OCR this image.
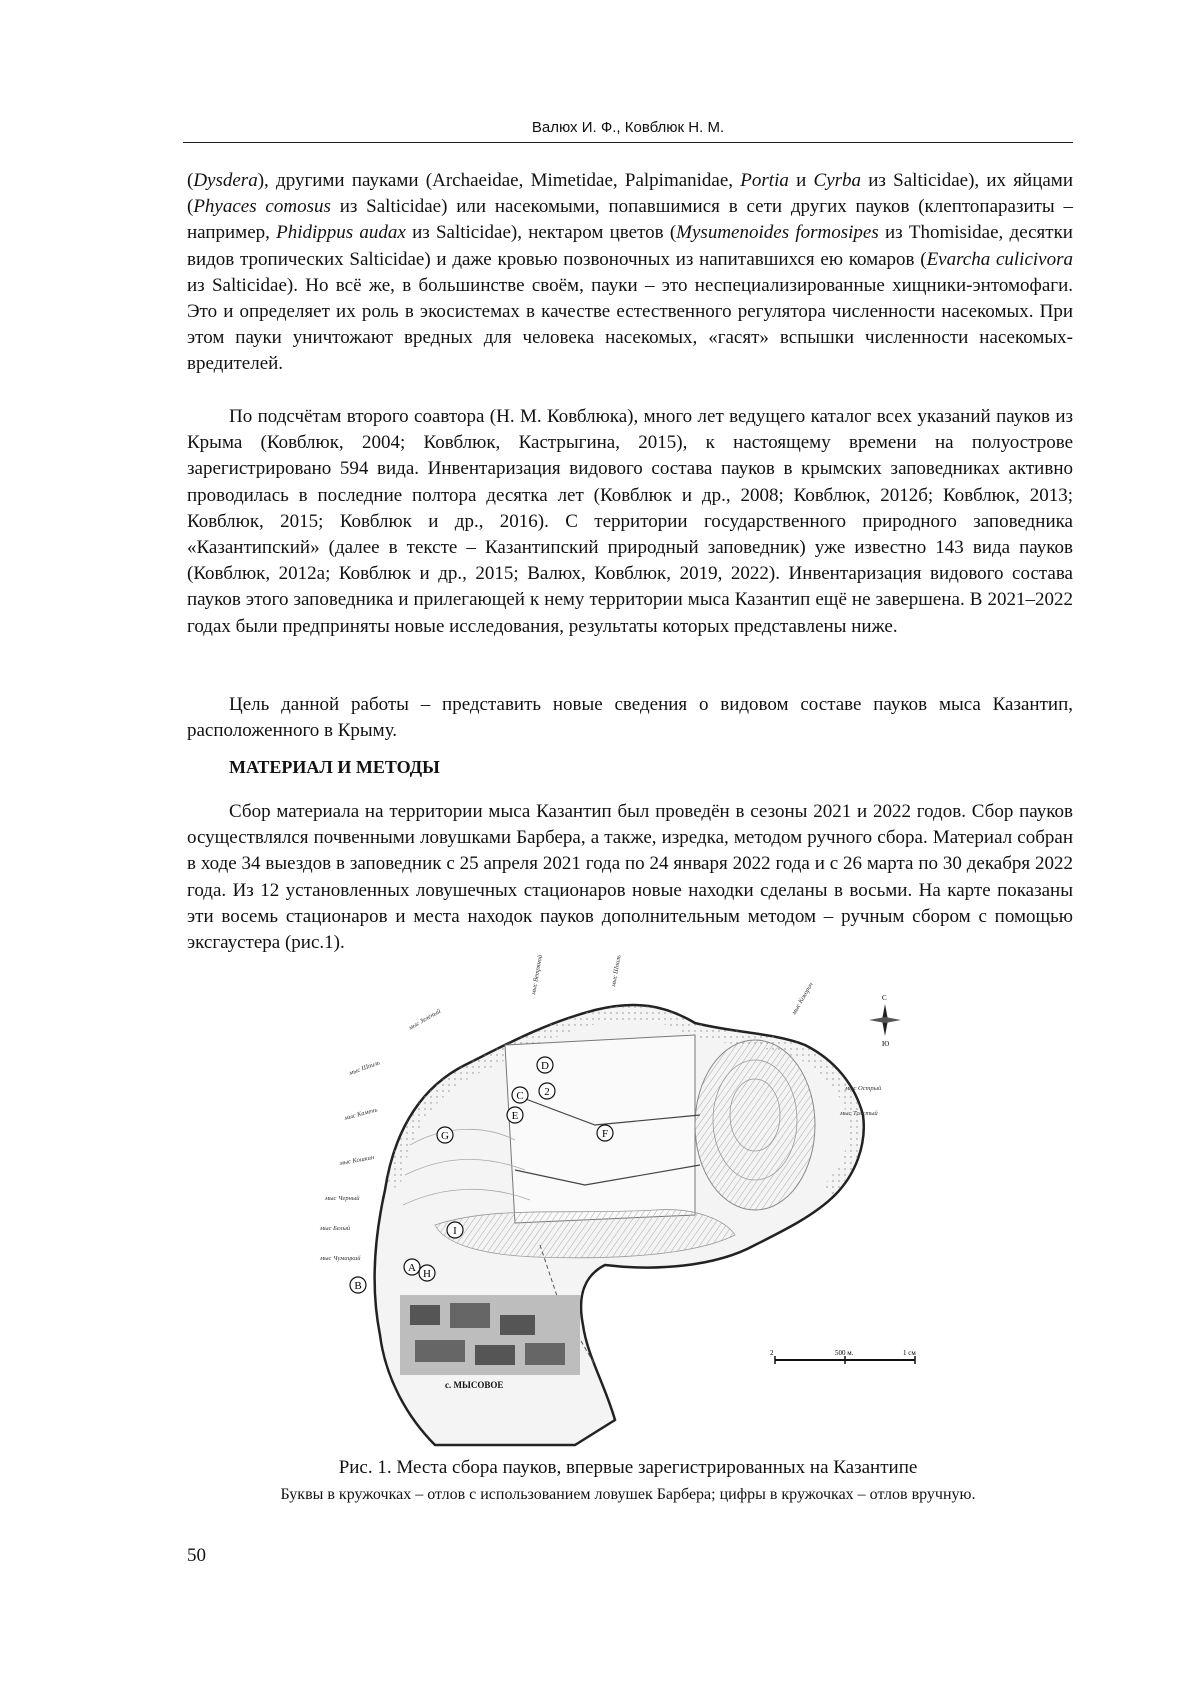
Валюх И. Ф., Ковблюк Н. М.

(Dysdera), другими пауками (Archaeidae, Mimetidae, Palpimanidae, Portia и Cyrba из Salticidae), их яйцами (Phyaces comosus из Salticidae) или насекомыми, попавшимися в сети других пауков (клептопаразиты – например, Phidippus audax из Salticidae), нектаром цветов (Mysumenoides formosipes из Thomisidae, десятки видов тропических Salticidae) и даже кровью позвоночных из напитавшихся ею комаров (Evarcha culicivora из Salticidae). Но всё же, в большинстве своём, пауки – это неспециализированные хищники-энтомофаги. Это и определяет их роль в экосистемах в качестве естественного регулятора численности насекомых. При этом пауки уничтожают вредных для человека насекомых, «гасят» вспышки численности насекомых-вредителей.

По подсчётам второго соавтора (Н. М. Ковблюка), много лет ведущего каталог всех указаний пауков из Крыма (Ковблюк, 2004; Ковблюк, Кастрыгина, 2015), к настоящему времени на полуострове зарегистрировано 594 вида. Инвентаризация видового состава пауков в крымских заповедниках активно проводилась в последние полтора десятка лет (Ковблюк и др., 2008; Ковблюк, 2012б; Ковблюк, 2013; Ковблюк, 2015; Ковблюк и др., 2016). С территории государственного природного заповедника «Казантипский» (далее в тексте – Казантипский природный заповедник) уже известно 143 вида пауков (Ковблюк, 2012а; Ковблюк и др., 2015; Валюх, Ковблюк, 2019, 2022). Инвентаризация видового состава пауков этого заповедника и прилегающей к нему территории мыса Казантип ещё не завершена. В 2021–2022 годах были предприняты новые исследования, результаты которых представлены ниже.

Цель данной работы – представить новые сведения о видовом составе пауков мыса Казантип, расположенного в Крыму.

МАТЕРИАЛ И МЕТОДЫ

Сбор материала на территории мыса Казантип был проведён в сезоны 2021 и 2022 годов. Сбор пауков осуществлялся почвенными ловушками Барбера, а также, изредка, методом ручного сбора. Материал собран в ходе 34 выездов в заповедник с 25 апреля 2021 года по 24 января 2022 года и с 26 марта по 30 декабря 2022 года. Из 12 установленных ловушечных стационаров новые находки сделаны в восьми. На карте показаны эти восемь стационаров и места находок пауков дополнительным методом – ручным сбором с помощью эксгаустера (рис.1).

с. МЫСОВОЕ
мыс Шпиль
мыс Камень
мыс Кошкин
мыс Черный
мыс Белый
мыс Чумацкий
мыс Зеленый
мыс Ветряной	мыс Шпиль
мыс Кокорич
мыс Острый
мыс Толстый
A
B
C
D
E
F
G
H
I
2
2	500 м.	1 см
С
Ю
Рис. 1. Места сбора пауков, впервые зарегистрированных на Казантипе
Буквы в кружочках – отлов с использованием ловушек Барбера; цифры в кружочках – отлов вручную.
50
